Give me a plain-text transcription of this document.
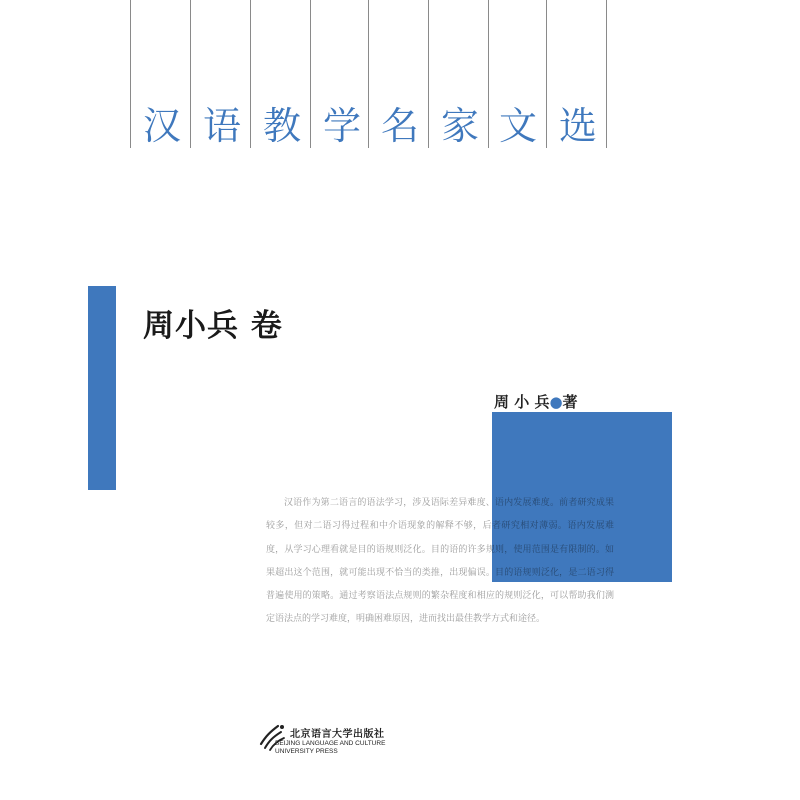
汉 语 教 学 名 家 文 选
周小兵 卷
周 小 兵●著
汉语作为第二语言的语法学习，涉及语际差异难度、语内发展难度。前者研究成果较多，但对二语习得过程和中介语现象的解释不够，后者研究相对薄弱。语内发展难度，从学习心理看就是目的语规则泛化。目的语的许多规则，使用范围是有限制的。如果超出这个范围，就可能出现不恰当的类推，出现偏误。目的语规则泛化，是二语习得普遍使用的策略。通过考察语法点规则的繁杂程度和相应的规则泛化，可以帮助我们测定语法点的学习难度，明确困难原因，进而找出最佳教学方式和途径。
北京语言大学出版社
BEIJING LANGUAGE AND CULTURE
UNIVERSITY PRESS
